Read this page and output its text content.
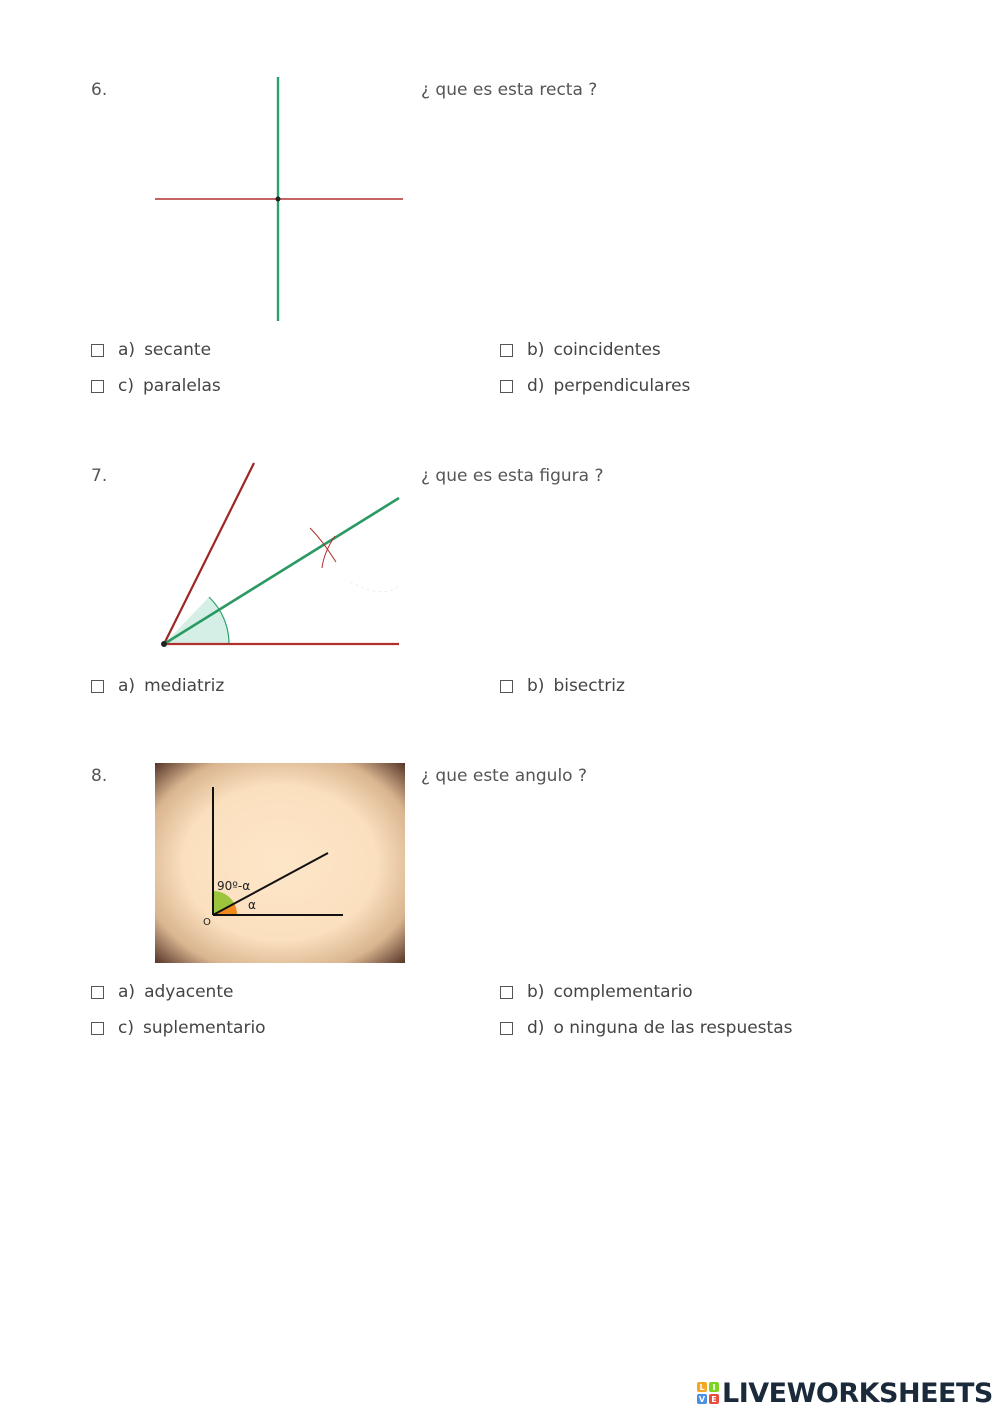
6.	¿ que es esta recta ?
a) secante	b) coincidentes
c) paralelas	d) perpendiculares
7.	¿ que es esta figura ?
a) mediatriz	b) bisectriz
8.
90º-α
α
O
¿ que este angulo ?
a) adyacente	b) complementario
c) suplementario	d) o ninguna de las respuestas
L I
V E LIVEWORKSHEETS
